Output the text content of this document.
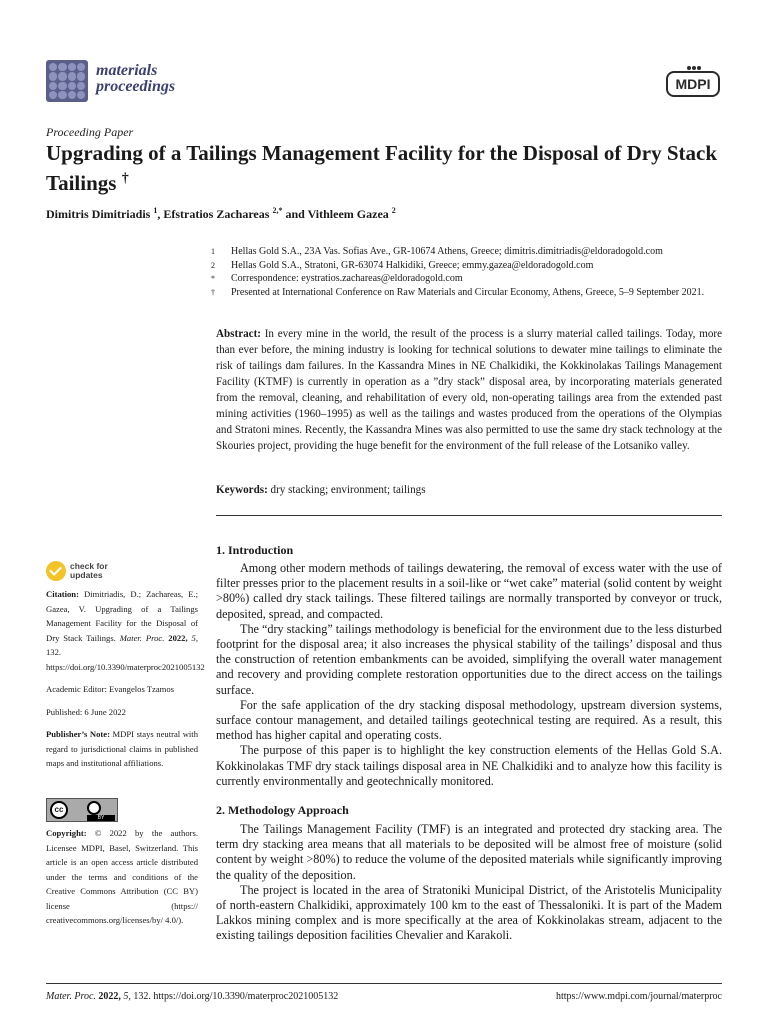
materials
proceedings	MDPI
Proceeding Paper
Upgrading of a Tailings Management Facility for the Disposal of Dry Stack Tailings †
Dimitris Dimitriadis $^1$, Efstratios Zachareas $^{2,*}$ and Vithleem Gazea $^2$
1	Hellas Gold S.A., 23A Vas. Sofias Ave., GR-10674 Athens, Greece; dimitris.dimitriadis@eldoradogold.com
2	Hellas Gold S.A., Stratoni, GR-63074 Halkidiki, Greece; emmy.gazea@eldoradogold.com
*	Correspondence: eystratios.zachareas@eldoradogold.com
†	Presented at International Conference on Raw Materials and Circular Economy, Athens, Greece, 5–9 September 2021.
Abstract: In every mine in the world, the result of the process is a slurry material called tailings. Today, more than ever before, the mining industry is looking for technical solutions to dewater mine tailings to eliminate the risk of tailings dam failures. In the Kassandra Mines in NE Chalkidiki, the Kokkinolakas Tailings Management Facility (KTMF) is currently in operation as a ”dry stack” disposal area, by incorporating materials generated from the removal, cleaning, and rehabilitation of every old, non-operating tailings area from the extended past mining activities (1960–1995) as well as the tailings and wastes produced from the operations of the Olympias and Stratoni mines. Recently, the Kassandra Mines was also permitted to use the same dry stack technology at the Skouries project, providing the huge benefit for the environment of the full release of the Lotsaniko valley.
Keywords: dry stacking; environment; tailings
1. Introduction

Among other modern methods of tailings dewatering, the removal of excess water with the use of filter presses prior to the placement results in a soil-like or “wet cake” material (solid content by weight >80%) called dry stack tailings. These filtered tailings are normally transported by conveyor or truck, deposited, spread, and compacted.

The “dry stacking” tailings methodology is beneficial for the environment due to the less disturbed footprint for the disposal area; it also increases the physical stability of the tailings’ disposal and thus the construction of retention embankments can be avoided, simplifying the overall water management and recovery and providing complete restoration opportunities due to the direct access on the tailings surface.

For the safe application of the dry stacking disposal methodology, upstream diversion systems, surface contour management, and detailed tailings geotechnical testing are required. As a result, this method has higher capital and operating costs.

The purpose of this paper is to highlight the key construction elements of the Hellas Gold S.A. Kokkinolakas TMF dry stack tailings disposal area in NE Chalkidiki and to analyze how this facility is currently environmentally and geotechnically monitored.

2. Methodology Approach

The Tailings Management Facility (TMF) is an integrated and protected dry stacking area. The term dry stacking area means that all materials to be deposited will be almost free of moisture (solid content by weight >80%) to reduce the volume of the deposited materials while significantly improving the quality of the deposition.

The project is located in the area of Stratoniki Municipal District, of the Aristotelis Municipality of north-eastern Chalkidiki, approximately 100 km to the east of Thessaloniki. It is part of the Madem Lakkos mining complex and is more specifically at the area of Kokkinolakas stream, adjacent to the existing tailings deposition facilities Chevalier and Karakoli.

check for
updates
Citation: Dimitriadis, D.; Zachareas, E.; Gazea, V. Upgrading of a Tailings Management Facility for the Disposal of Dry Stack Tailings. Mater. Proc. 2022, 5, 132. https://doi.org/10.3390/materproc2021005132
Academic Editor: Evangelos Tzamos
Published: 6 June 2022
Publisher’s Note: MDPI stays neutral with regard to jurisdictional claims in published maps and institutional affiliations.
cc
BY
Copyright: © 2022 by the authors. Licensee MDPI, Basel, Switzerland. This article is an open access article distributed under the terms and conditions of the Creative Commons Attribution (CC BY) license (https:// creativecommons.org/licenses/by/ 4.0/).
Mater. Proc. 2022, 5, 132. https://doi.org/10.3390/materproc2021005132	https://www.mdpi.com/journal/materproc
